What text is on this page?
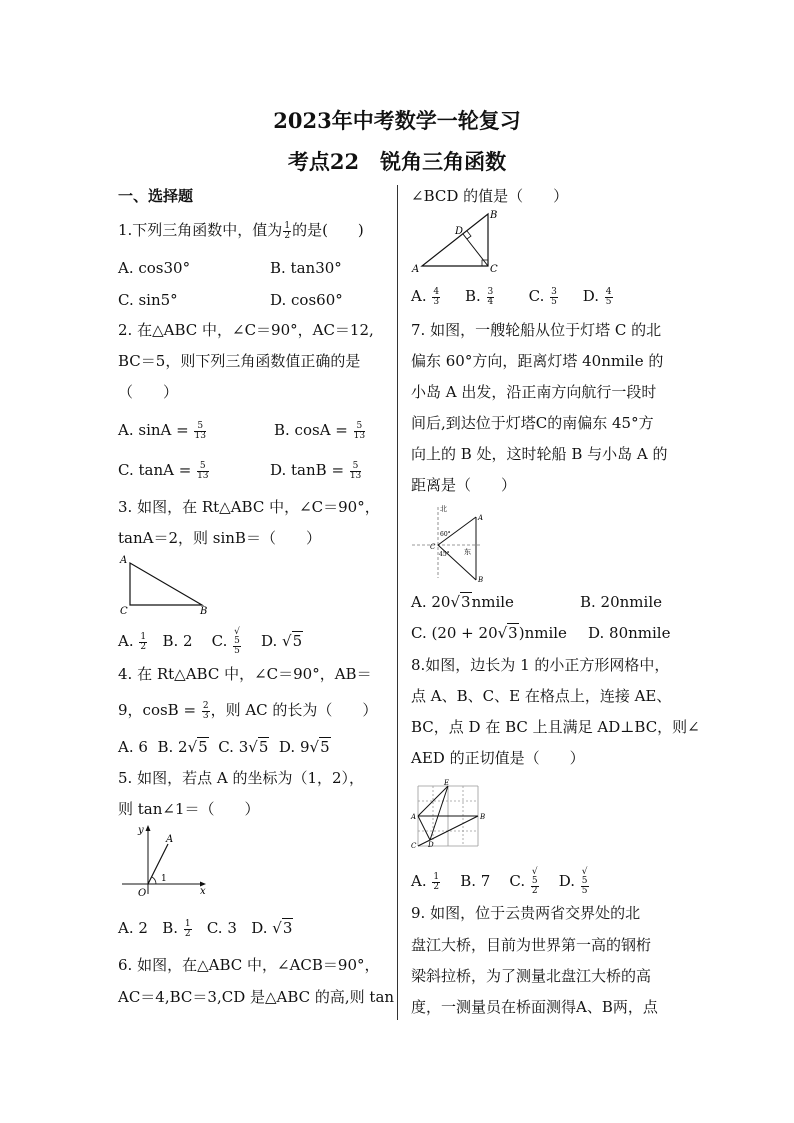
2023年中考数学一轮复习
考点22　锐角三角函数
一、选择题
1.下列三角函数中，值为 $\frac{1}{2}$ 的是(　　)
A. cos30°	B. tan30°
C. sin5°	D. cos60°
2. 在△ABC 中，∠C＝90°，AC＝12,
BC＝5，则下列三角函数值正确的是
（　　）
A. $\sin A = \frac{5}{13}$	B. $\cos A = \frac{5}{13}$
C. $\tan A = \frac{5}{13}$	D. $\tan B = \frac{5}{13}$
3. 如图，在 Rt△ABC 中，∠C＝90°，
tanA＝2，则 sinB＝（　　）
A
C	B
A. $\frac{1}{2} B$. 2 C. √
5
5 D. √5
4. 在 Rt△ABC 中，∠C＝90°，AB＝
9，$\cos B = \frac{2}{3}$ ，则 AC 的长为（　　）
A. 6 B. 2√5 C. 3√5 D. 9√5
5. 如图，若点 A 的坐标为（1，2），
则 tan∠1＝（　　）
y
x
A
O
1
A. 2 B. $\frac{1}{2} C$. 3 D. √3
6. 如图，在△ABC 中，∠ACB＝90°，
AC＝4,BC＝3,CD 是△ABC 的高,则 tan
∠BCD 的值是（　　）
A
B
C
D
A. $\frac{4}{3} B$. $\frac{3}{4} C$. $\frac{3}{5} D$. $\frac{4}{5}$
7. 如图，一艘轮船从位于灯塔 C 的北
偏东 60°方向，距离灯塔 40nmile 的
小岛 A 出发，沿正南方向航行一段时
间后,到达位于灯塔C的南偏东 45°方
向上的 B 处，这时轮船 B 与小岛 A 的
距离是（　　）
北
东
A
B
C
60°
45°
A. 20√3nmile	B. 20nmile
C. (20 + 20√3)nmile D. 80nmile
8.如图，边长为 1 的小正方形网格中，
点 A、B、C、E 在格点上，连接 AE、
BC，点 D 在 BC 上且满足 AD⊥BC，则∠
AED 的正切值是（　　）
A	B
C D
E
A. $\frac{1}{2} B$. 7 C. √
5
2 D. √
5
5
9. 如图，位于云贵两省交界处的北
盘江大桥，目前为世界第一高的钢桁
梁斜拉桥，为了测量北盘江大桥的高
度，一测量员在桥面测得A、B两，点
